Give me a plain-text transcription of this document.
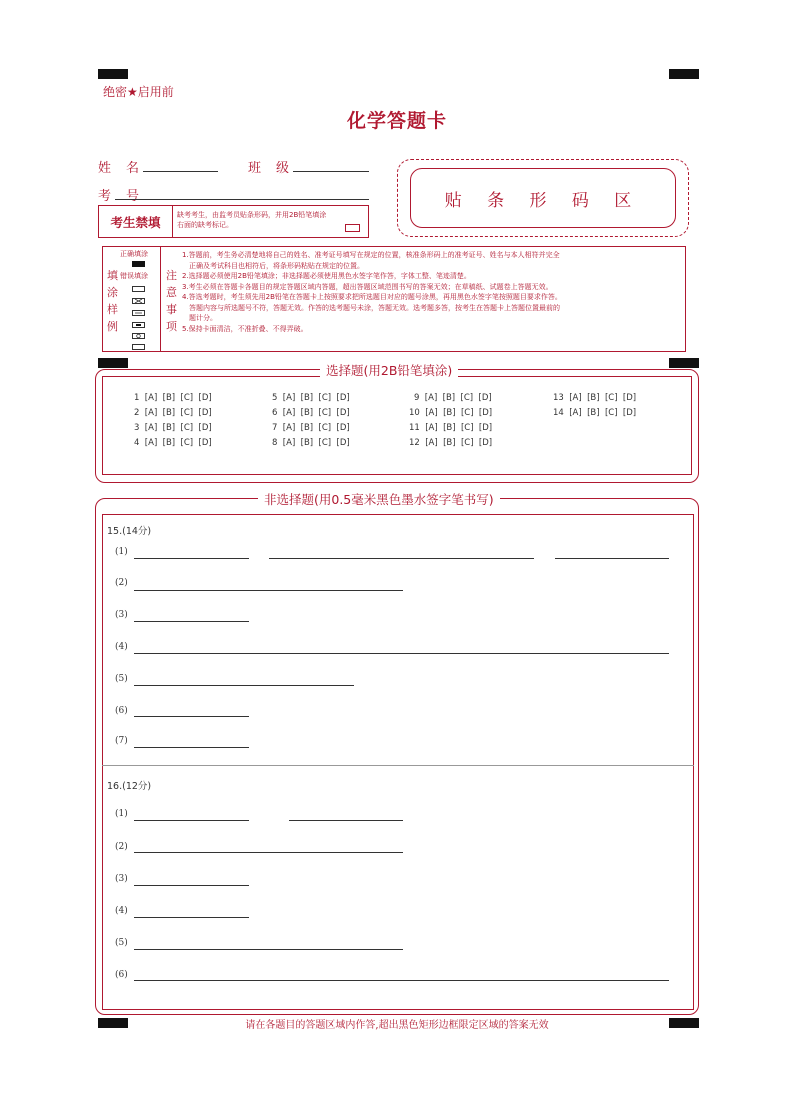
绝密★启用前
化学答题卡
姓　名	班　级
考　号
考生禁填	缺考考生，由监考员贴条形码，并用2B铅笔填涂右面的缺考标记。
贴 条 形 码 区
正确填涂
错误填涂
填
涂
样
例
注
意
事
项
1.答题前，考生务必清楚地将自己的姓名、准考证号填写在规定的位置，核准条形码上的准考证号、姓名与本人相符并完全
　正确及考试科目也相符后，将条形码粘贴在规定的位置。
2.选择题必须使用2B铅笔填涂；非选择题必须使用黑色水签字笔作答，字体工整、笔迹清楚。
3.考生必须在答题卡各题目的规定答题区域内答题，超出答题区域范围书写的答案无效；在草稿纸、试题卷上答题无效。
4.答选考题时，考生须先用2B铅笔在答题卡上按照要求把所选题目对应的题号涂黑，再用黑色水签字笔按照题目要求作答。
　答题内容与所选题号不符，答题无效。作答的选考题号未涂，答题无效。选考题多答，按考生在答题卡上答题位置最前的
　题计分。
5.保持卡面清洁，不准折叠、不得弄破。
选择题(用2B铅笔填涂)
1  [A]  [B]  [C]  [D]
2  [A]  [B]  [C]  [D]
3  [A]  [B]  [C]  [D]
4  [A]  [B]  [C]  [D]
5  [A]  [B]  [C]  [D]
6  [A]  [B]  [C]  [D]
7  [A]  [B]  [C]  [D]
8  [A]  [B]  [C]  [D]
9  [A]  [B]  [C]  [D]
10  [A]  [B]  [C]  [D]
11  [A]  [B]  [C]  [D]
12  [A]  [B]  [C]  [D]
13  [A]  [B]  [C]  [D]
14  [A]  [B]  [C]  [D]
非选择题(用0.5毫米黑色墨水签字笔书写)
15.(14分)
(1)
(2)
(3)
(4)
(5)
(6)
(7)
16.(12分)
(1)
(2)
(3)
(4)
(5)
(6)
请在各题目的答题区域内作答,超出黑色矩形边框限定区域的答案无效
